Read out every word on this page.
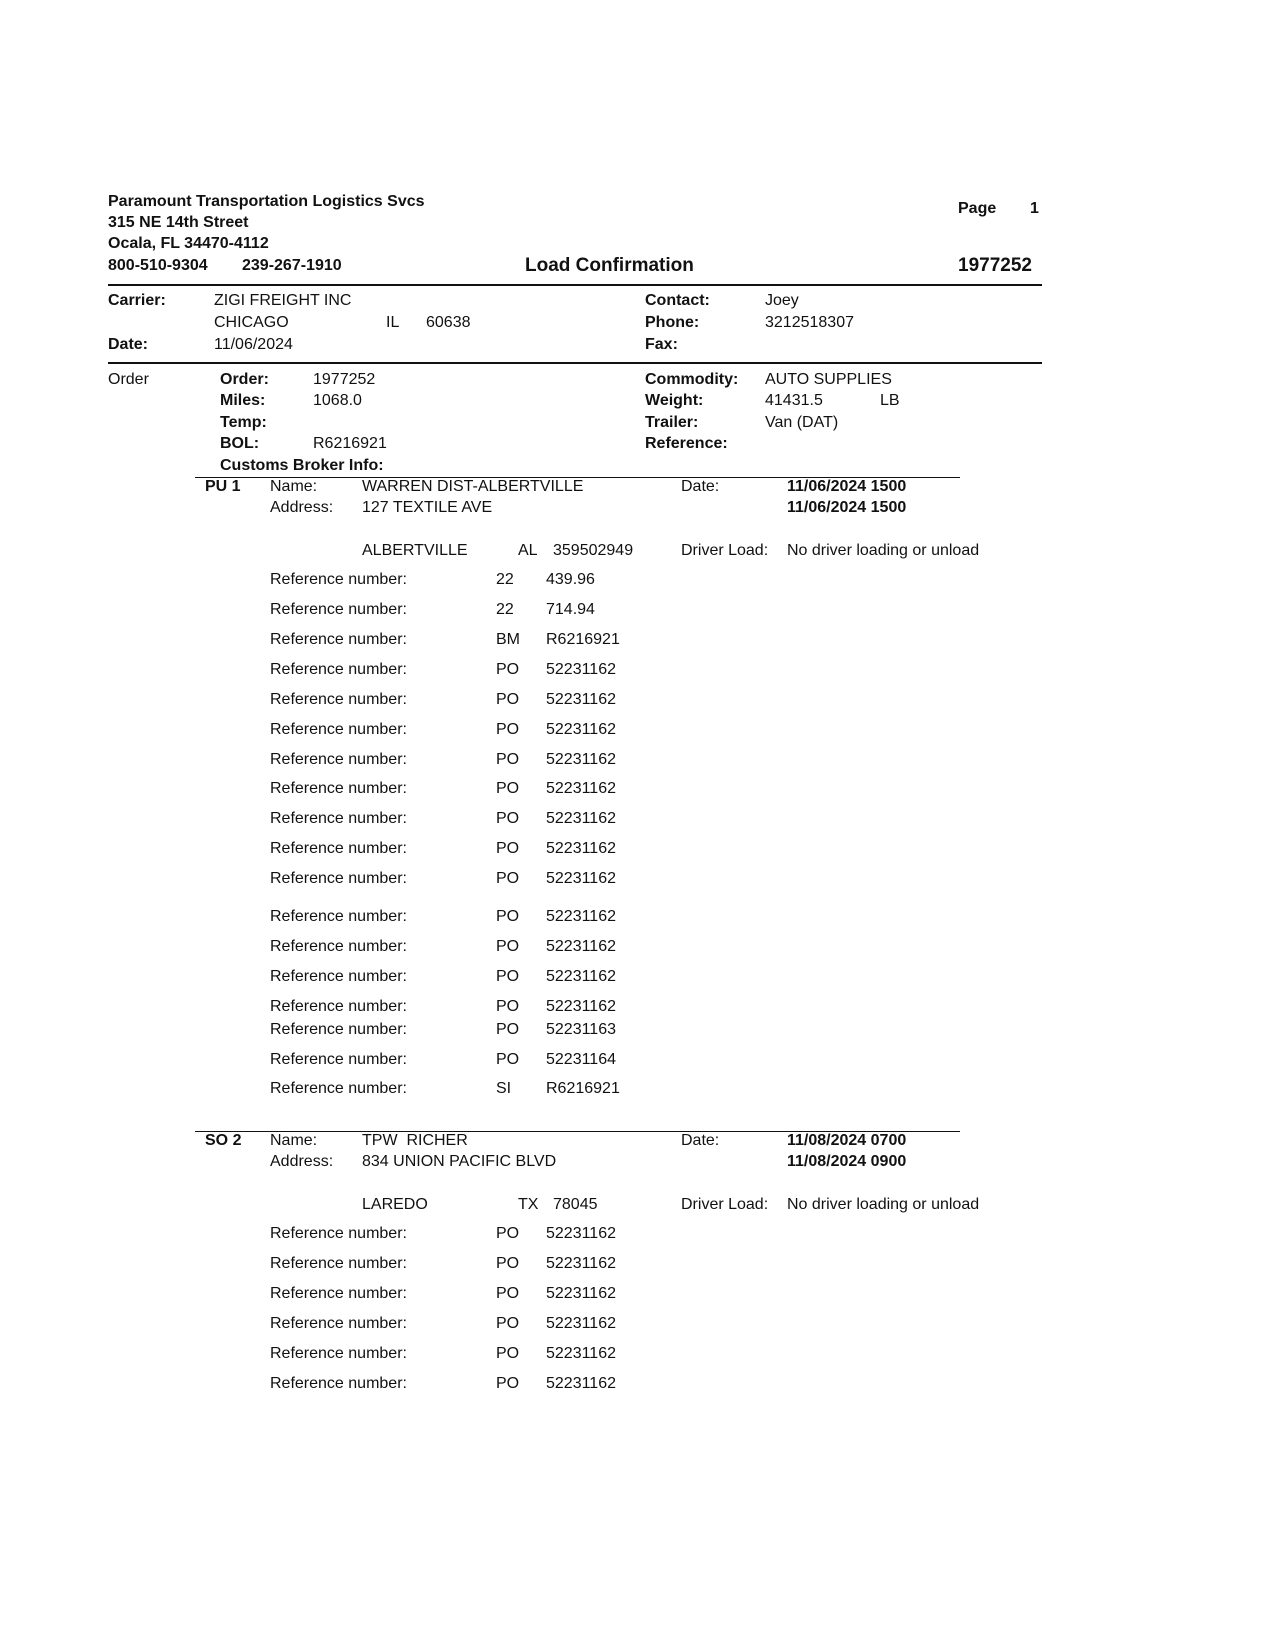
Paramount Transportation Logistics Svcs
315 NE 14th Street
Ocala, FL 34470-4112
800-510-9304 239-267-1910	Load Confirmation
Page 1
1977252
Carrier:	ZIGI FREIGHT INC
CHICAGO	IL 60638
Date:	11/06/2024
Contact:	Joey
Phone:	3212518307
Fax:
Order	Order:	1977252
Miles:	1068.0
Temp:
BOL:	R6216921
Customs Broker Info:
Commodity: AUTO SUPPLIES
Weight:	41431.5	LB
Trailer:	Van (DAT)
Reference:
PU 1 Name:	WARREN DIST-ALBERTVILLE
Address: 127 TEXTILE AVE
ALBERTVILLE	AL 359502949
Date:	11/06/2024 1500
11/06/2024 1500
Driver Load: No driver loading or unload
Reference number:	22 439.96
Reference number:	22 714.94
Reference number:	BM R6216921
Reference number:	PO 52231162
Reference number:	PO 52231162
Reference number:	PO 52231162
Reference number:	PO 52231162
Reference number:	PO 52231162
Reference number:	PO 52231162
Reference number:	PO 52231162
Reference number:	PO 52231162
Reference number:	PO 52231162
Reference number:	PO 52231162
Reference number:	PO 52231162
Reference number:	PO 52231162
Reference number:	PO 52231163
Reference number:	PO 52231164
Reference number:	SI R6216921
SO 2 Name:	TPW  RICHER
Address: 834 UNION PACIFIC BLVD
LAREDO	TX 78045
Date:	11/08/2024 0700
11/08/2024 0900
Driver Load: No driver loading or unload
Reference number:	PO 52231162
Reference number:	PO 52231162
Reference number:	PO 52231162
Reference number:	PO 52231162
Reference number:	PO 52231162
Reference number:	PO 52231162
